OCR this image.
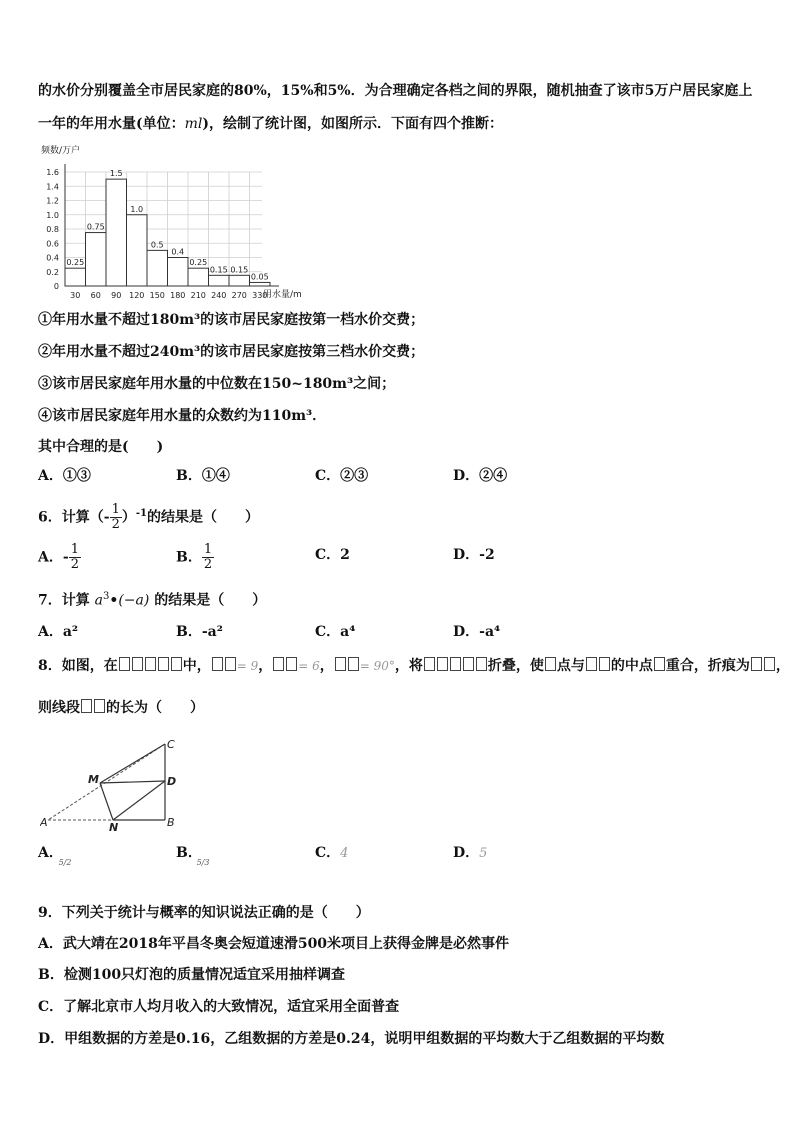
的水价分别覆盖全市居民家庭的80%，15%和5%．为合理确定各档之间的界限，随机抽查了该市5万户居民家庭上
一年的年用水量(单位：ml)，绘制了统计图，如图所示．下面有四个推断：
频数/万户
0.25
0.75
1.5
1.0
0.5
0.4
0.25
0.15 0.15
0.05
0
0.2
0.4
0.6
0.8
1.0
1.2
1.4
1.6
30 60 90 120 150 180 210 240 270 330
用水量/m
①年用水量不超过180m³的该市居民家庭按第一档水价交费；
②年用水量不超过240m³的该市居民家庭按第三档水价交费；
③该市居民家庭年用水量的中位数在150~180m³之间；
④该市居民家庭年用水量的众数约为110m³．
其中合理的是(　　)
A．①③	B．①④	C．②③	D．②④
6．计算（- $\frac{1}{2} )^{-1}$的结果是（　　）
A．- $\frac{1}{2}$	B． $\frac{1}{2}$	C．2	D．-2
7．计算 $a^3•(-a)$ 的结果是（　　）
A．a²	B．-a²	C．a⁴	D．-a⁴
8．如图，在	中， = 9， = 6， = 90°，将	折叠，使 点与 的中点 重合，折痕为 ，
则线段 的长为（　　）
C
M	D
A	N	B
A．
5/2
B．
5/3
C．4	D．5
9．下列关于统计与概率的知识说法正确的是（　　）
A．武大靖在2018年平昌冬奥会短道速滑500米项目上获得金牌是必然事件
B．检测100只灯泡的质量情况适宜采用抽样调查
C．了解北京市人均月收入的大致情况，适宜采用全面普查
D．甲组数据的方差是0.16，乙组数据的方差是0.24，说明甲组数据的平均数大于乙组数据的平均数
